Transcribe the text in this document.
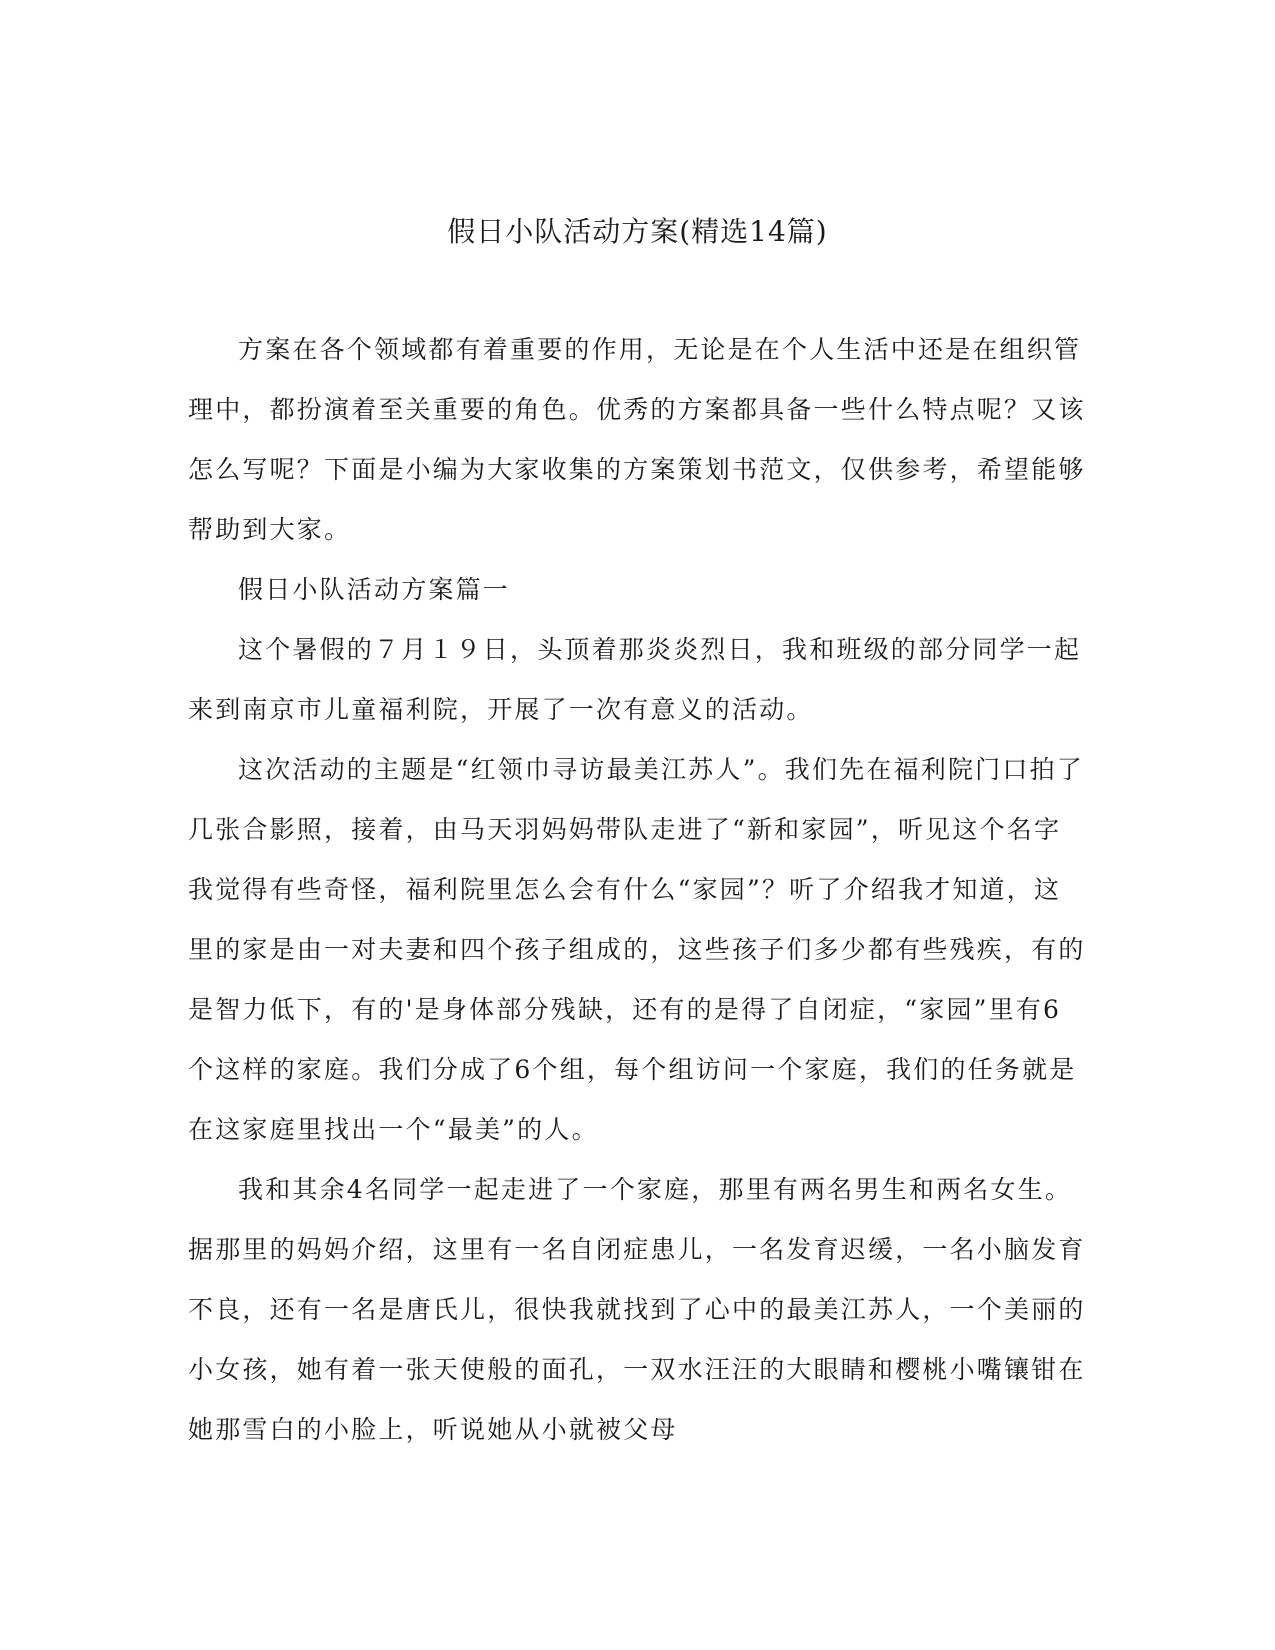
假日小队活动方案(精选14篇)

方案在各个领域都有着重要的作用，无论是在个人生活中还是在组织管理中，都扮演着至关重要的角色。优秀的方案都具备一些什么特点呢？又该怎么写呢？下面是小编为大家收集的方案策划书范文，仅供参考，希望能够帮助到大家。

假日小队活动方案篇一

这个暑假的７月１９日，头顶着那炎炎烈日，我和班级的部分同学一起来到南京市儿童福利院，开展了一次有意义的活动。

这次活动的主题是“红领巾寻访最美江苏人”。我们先在福利院门口拍了几张合影照，接着，由马天羽妈妈带队走进了“新和家园”，听见这个名字我觉得有些奇怪，福利院里怎么会有什么“家园”？听了介绍我才知道，这里的家是由一对夫妻和四个孩子组成的，这些孩子们多少都有些残疾，有的是智力低下，有的'是身体部分残缺，还有的是得了自闭症，“家园”里有6个这样的家庭。我们分成了6个组，每个组访问一个家庭，我们的任务就是在这家庭里找出一个“最美”的人。

我和其余4名同学一起走进了一个家庭，那里有两名男生和两名女生。据那里的妈妈介绍，这里有一名自闭症患儿，一名发育迟缓，一名小脑发育不良，还有一名是唐氏儿，很快我就找到了心中的最美江苏人，一个美丽的小女孩，她有着一张天使般的面孔，一双水汪汪的大眼睛和樱桃小嘴镶钳在她那雪白的小脸上，听说她从小就被父母
